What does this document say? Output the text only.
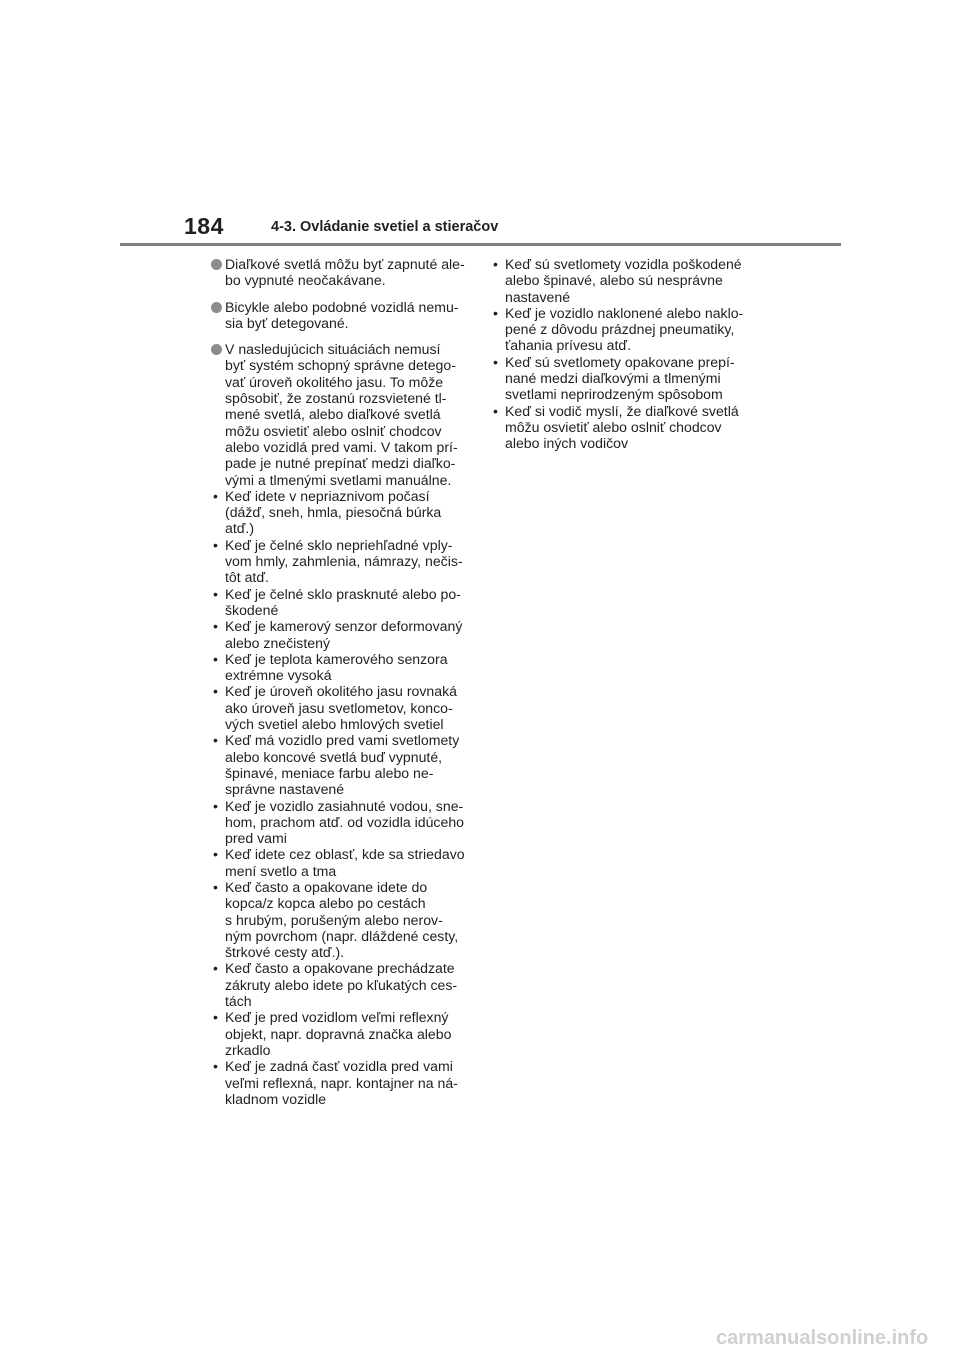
184	4-3. Ovládanie svetiel a stieračov
Diaľkové svetlá môžu byť zapnuté ale-
bo vypnuté neočakávane.
Bicykle alebo podobné vozidlá nemu-
sia byť detegované.
V nasledujúcich situáciách nemusí
byť systém schopný správne detego-
vať úroveň okolitého jasu. To môže
spôsobiť, že zostanú rozsvietené tl-
mené svetlá, alebo diaľkové svetlá
môžu osvietiť alebo oslniť chodcov
alebo vozidlá pred vami. V takom prí-
pade je nutné prepínať medzi diaľko-
vými a tlmenými svetlami manuálne.
• Keď idete v nepriaznivom počasí
(dážď, sneh, hmla, piesočná búrka
atď.)
• Keď je čelné sklo nepriehľadné vply-
vom hmly, zahmlenia, námrazy, nečis-
tôt atď.
• Keď je čelné sklo prasknuté alebo po-
škodené
• Keď je kamerový senzor deformovaný
alebo znečistený
• Keď je teplota kamerového senzora
extrémne vysoká
• Keď je úroveň okolitého jasu rovnaká
ako úroveň jasu svetlometov, konco-
vých svetiel alebo hmlových svetiel
• Keď má vozidlo pred vami svetlomety
alebo koncové svetlá buď vypnuté,
špinavé, meniace farbu alebo ne-
správne nastavené
• Keď je vozidlo zasiahnuté vodou, sne-
hom, prachom atď. od vozidla idúceho
pred vami
• Keď idete cez oblasť, kde sa striedavo
mení svetlo a tma
• Keď často a opakovane idete do
kopca/z kopca alebo po cestách
s hrubým, porušeným alebo nerov-
ným povrchom (napr. dláždené cesty,
štrkové cesty atď.).
• Keď často a opakovane prechádzate
zákruty alebo idete po kľukatých ces-
tách
• Keď je pred vozidlom veľmi reflexný
objekt, napr. dopravná značka alebo
zrkadlo
• Keď je zadná časť vozidla pred vami
veľmi reflexná, napr. kontajner na ná-
kladnom vozidle
• Keď sú svetlomety vozidla poškodené
alebo špinavé, alebo sú nesprávne
nastavené
• Keď je vozidlo naklonené alebo naklo-
pené z dôvodu prázdnej pneumatiky,
ťahania prívesu atď.
• Keď sú svetlomety opakovane prepí-
nané medzi diaľkovými a tlmenými
svetlami neprirodzeným spôsobom
• Keď si vodič myslí, že diaľkové svetlá
môžu osvietiť alebo oslniť chodcov
alebo iných vodičov
carmanualsonline.info
